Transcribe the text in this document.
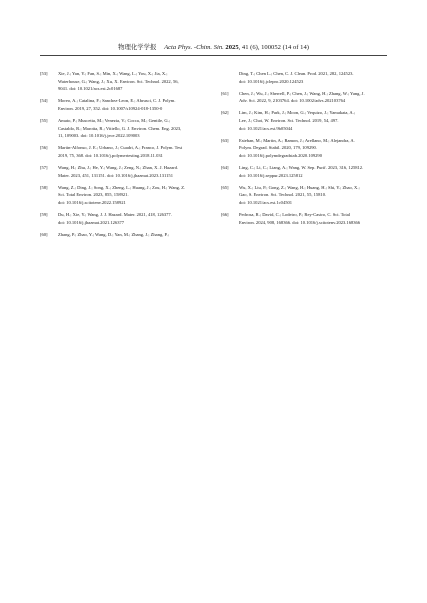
物理化学学报 Acta Phys. -Chim. Sin. 2025, 41 (6), 100052 (14 of 14)
[53] Xie, J.; Yan, Y.; Fan, S.; Min, X.; Wang, L.; You, X.; Jia, X.;
Waterhouse, G.; Wang, J.; Xu, X. Environ. Sci. Technol. 2022, 56,
9041. doi: 10.1021/acs.est.2c01687
[54] Moreo, A.; Catalina, F.; Sanchez-Leon, E.; Abrusci, C. J. Polym.
Environ. 2019, 27, 352. doi: 10.1007/s10924-018-1350-0
[55] Amato, P.; Muscetta, M.; Venezia, V.; Cocca, M.; Gentile, G.;
Castaldo, R.; Marotta, R.; Vitiello, G. J. Environ. Chem. Eng. 2023,
11, 109003. doi: 10.1016/j.jece.2022.109003
[56] Martin-Alfonso, J. E.; Urbano, J.; Cuadri, A.; Franco, J. Polym. Test
2019, 75, 368. doi: 10.1016/j.polymertesting.2018.11.031
[57] Wang, H.; Zhu, J.; He, Y.; Wang, J.; Zeng, N.; Zhan, X. J. Hazard.
Mater. 2023, 451, 131151. doi: 10.1016/j.jhazmat.2023.131151
[58] Wang, Z.; Ding, J.; Song, X.; Zheng, L.; Huang, J.; Zou, H.; Wang, Z.
Sci. Total Environ. 2023, 855, 158921.
doi: 10.1016/j.scitotenv.2022.158921
[59] Du, H.; Xie, Y.; Wang, J. J. Hazard. Mater. 2021, 418, 126377.
doi: 10.1016/j.jhazmat.2021.126377
[60] Zhang, P.; Zhao, Y.; Wang, D.; Yan, M.; Zhang, J.; Zhang, P.;
Ding, T.; Chen L.; Chen, C. J. Clean. Prod. 2021, 282, 124523.
doi: 10.1016/j.jclepro.2020.124523
[61] Chen, J.; Wu, J.; Sherrell, P.; Chen, J.; Wang, H.; Zhang, W.; Yang, J.
Adv. Sci. 2022, 9, 2103764. doi: 10.1002/advs.202103764
[62] Lim, J.; Kim, H.; Park, J.; Moon, G.; Vequizo, J.; Yamakata, A.;
Lee, J.; Choi, W. Environ. Sci. Technol. 2019, 54, 497.
doi: 10.1021/acs.est.9b05044
[63] Esteban, M.; Martin, A.; Ramon, J.; Arellano, M.; Alejandra, A.
Polym. Degrad. Stabil. 2020, 179, 109290.
doi: 10.1016/j.polymdegradstab.2020.109290
[64] Ling, C.; Li, C.; Liang, A.; Wang, W. Sep. Purif. 2023, 316, 125812.
doi: 10.1016/j.seppur.2023.125812
[65] Wu, X.; Liu, P.; Gong, Z.; Wang, H.; Huang, H.; Shi, Y.; Zhao, X.;
Gao, S. Environ. Sci. Technol. 2021, 55, 15810.
doi: 10.1021/acs.est.1c04501
[66] Pedrosa, R.; David, C.; Lodeiro, P.; Rey-Castro, C. Sci. Total
Environ. 2024, 908, 168366. doi: 10.1016/j.scitotenv.2023.168366
